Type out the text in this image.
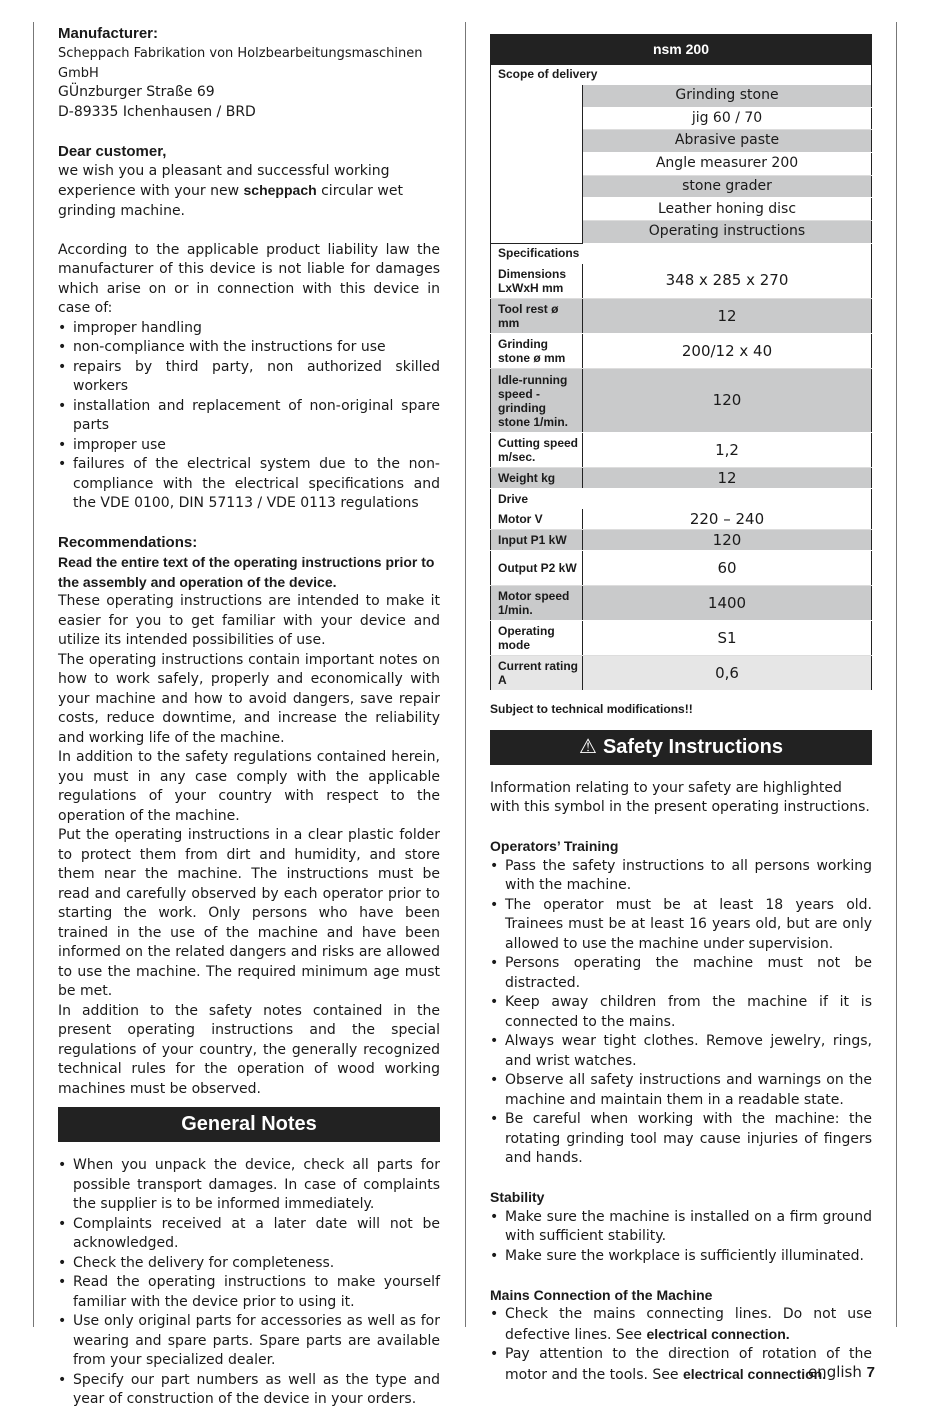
Manufacturer:

Scheppach Fabrikation von Holzbearbeitungsmaschinen GmbH

GÜnzburger Straße 69

D-89335 Ichenhausen / BRD

Dear customer,

we wish you a pleasant and successful working experience with your new scheppach circular wet grinding machine.

According to the applicable product liability law the manufacturer of this device is not liable for damages which arise on or in connection with this device in case of:

• improper handling
• non-compliance with the instructions for use
• repairs by third party, non authorized skilled workers
• installation and replacement of non-original spare parts
• improper use
• failures of the electrical system due to the non-compliance with the electrical specifications and the VDE 0100, DIN 57113 / VDE 0113 regulations

Recommendations:

Read the entire text of the operating instructions prior to the assembly and operation of the device.

These operating instructions are intended to make it easier for you to get familiar with your device and utilize its intended possibilities of use.

The operating instructions contain important notes on how to work safely, properly and economically with your machine and how to avoid dangers, save repair costs, reduce downtime, and increase the reliability and working life of the machine.

In addition to the safety regulations contained herein, you must in any case comply with the applicable regulations of your country with respect to the operation of the machine.

Put the operating instructions in a clear plastic folder to protect them from dirt and humidity, and store them near the machine. The instructions must be read and carefully observed by each operator prior to starting the work. Only persons who have been trained in the use of the machine and have been informed on the related dangers and risks are allowed to use the machine. The required minimum age must be met.

In addition to the safety notes contained in the present operating instructions and the special regulations of your country, the generally recognized technical rules for the operation of wood working machines must be observed.

General Notes
• When you unpack the device, check all parts for possible transport damages. In case of complaints the supplier is to be informed immediately.
• Complaints received at a later date will not be acknowledged.
• Check the delivery for completeness.
• Read the operating instructions to make yourself familiar with the device prior to using it.
• Use only original parts for accessories as well as for wearing and spare parts. Spare parts are available from your specialized dealer.
• Specify our part numbers as well as the type and year of construction of the device in your orders.
nsm 200	
Scope of delivery	
	Grinding stone
	jig 60 / 70
	Abrasive paste
	Angle measurer 200
	stone grader
	Leather honing disc
	Operating instructions
Specifications	
Dimensions LxWxH mm	348 x 285 x 270
Tool rest ø mm	12
Grinding stone ø mm	200/12 x 40
Idle-running speed - grinding stone 1/min.	120
Cutting speed m/sec.	1,2
Weight kg	12
Drive	
Motor V	220 – 240
Input P1 kW	120
Output P2 kW	60
Motor speed 1/min.	1400
Operating mode	S1
Current rating A	0,6

Subject to technical modifications!!

⚠ Safety Instructions

Information relating to your safety are highlighted with this symbol in the present operating instructions.

Operators’ Training

• Pass the safety instructions to all persons working with the machine.
• The operator must be at least 18 years old. Trainees must be at least 16 years old, but are only allowed to use the machine under supervision.
• Persons operating the machine must not be distracted.
• Keep away children from the machine if it is connected to the mains.
• Always wear tight clothes. Remove jewelry, rings, and wrist watches.
• Observe all safety instructions and warnings on the machine and maintain them in a readable state.
• Be careful when working with the machine: the rotating grinding tool may cause injuries of fingers and hands.

Stability

• Make sure the machine is installed on a firm ground with sufficient stability.
• Make sure the workplace is sufficiently illuminated.

Mains Connection of the Machine

• Check the mains connecting lines. Do not use defective lines. See electrical connection.
• Pay attention to the direction of rotation of the motor and the tools. See electrical connection.
english 7
